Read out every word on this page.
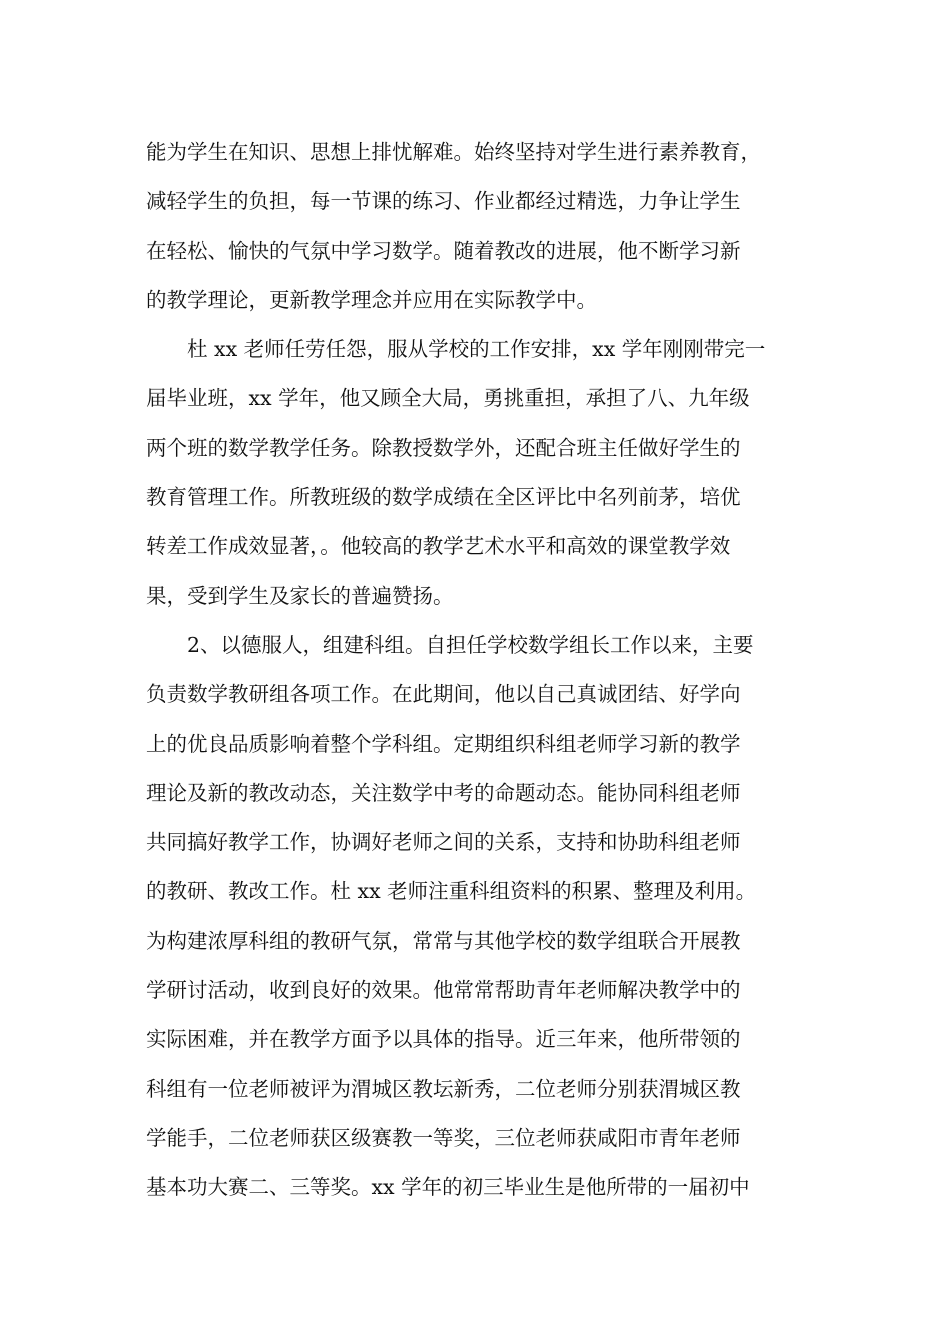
能为学生在知识、思想上排忧解难。始终坚持对学生进行素养教育，
减轻学生的负担，每一节课的练习、作业都经过精选，力争让学生
在轻松、愉快的气氛中学习数学。随着教改的进展，他不断学习新
的教学理论，更新教学理念并应用在实际教学中。
杜 xx 老师任劳任怨，服从学校的工作安排，xx 学年刚刚带完一
届毕业班，xx 学年，他又顾全大局，勇挑重担，承担了八、九年级
两个班的数学教学任务。除教授数学外，还配合班主任做好学生的
教育管理工作。所教班级的数学成绩在全区评比中名列前茅，培优
转差工作成效显著，。他较高的教学艺术水平和高效的课堂教学效
果，受到学生及家长的普遍赞扬。
2、以德服人，组建科组。自担任学校数学组长工作以来，主要
负责数学教研组各项工作。在此期间，他以自己真诚团结、好学向
上的优良品质影响着整个学科组。定期组织科组老师学习新的教学
理论及新的教改动态，关注数学中考的命题动态。能协同科组老师
共同搞好教学工作，协调好老师之间的关系，支持和协助科组老师
的教研、教改工作。杜 xx 老师注重科组资料的积累、整理及利用。
为构建浓厚科组的教研气氛，常常与其他学校的数学组联合开展教
学研讨活动，收到良好的效果。他常常帮助青年老师解决教学中的
实际困难，并在教学方面予以具体的指导。近三年来，他所带领的
科组有一位老师被评为渭城区教坛新秀，二位老师分别获渭城区教
学能手，二位老师获区级赛教一等奖，三位老师获咸阳市青年老师
基本功大赛二、三等奖。xx 学年的初三毕业生是他所带的一届初中
